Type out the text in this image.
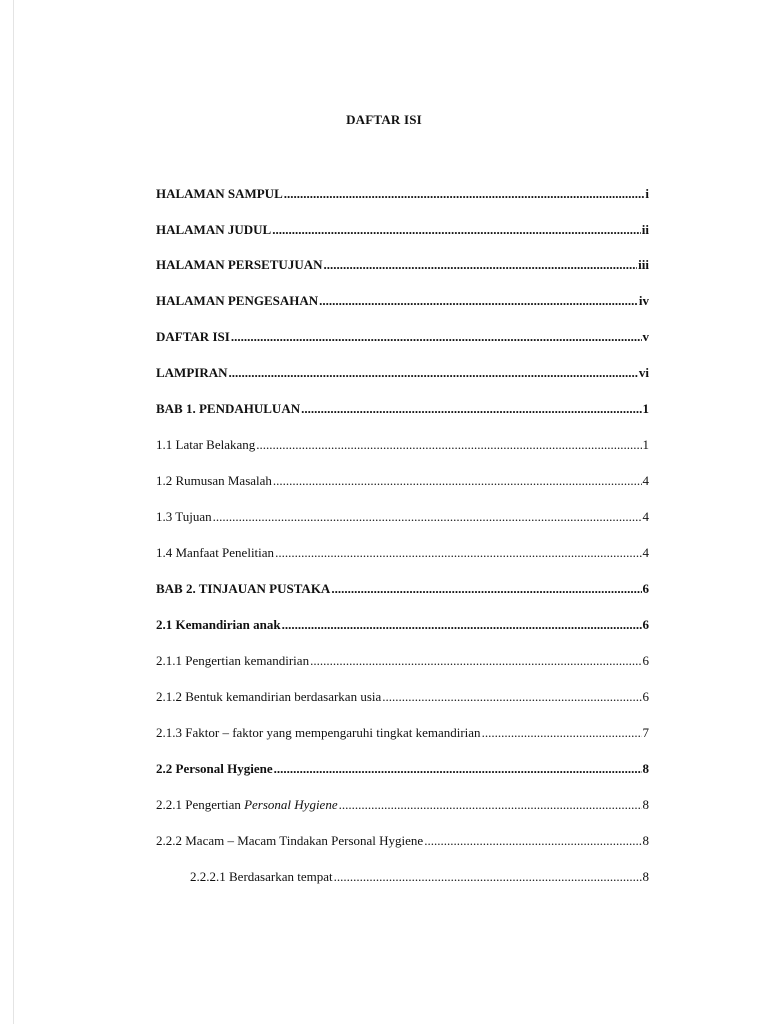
DAFTAR ISI
HALAMAN SAMPUL .....	i
HALAMAN JUDUL .....	ii
HALAMAN PERSETUJUAN .....	iii
HALAMAN PENGESAHAN .....	iv
DAFTAR ISI .....	v
LAMPIRAN .....	vi
BAB 1. PENDAHULUAN .....	1
1.1 Latar Belakang .....	1
1.2 Rumusan Masalah .....	4
1.3 Tujuan .....	4
1.4 Manfaat Penelitian .....	4
BAB 2. TINJAUAN PUSTAKA .....	6
2.1 Kemandirian anak .....	6
2.1.1 Pengertian kemandirian .....	6
2.1.2 Bentuk kemandirian berdasarkan usia .....	6
2.1.3 Faktor – faktor yang mempengaruhi tingkat kemandirian .....	7
2.2 Personal Hygiene .....	8
2.2.1 Pengertian Personal Hygiene .....	8
2.2.2 Macam – Macam Tindakan Personal Hygiene .....	8
2.2.2.1 Berdasarkan tempat .....	8
